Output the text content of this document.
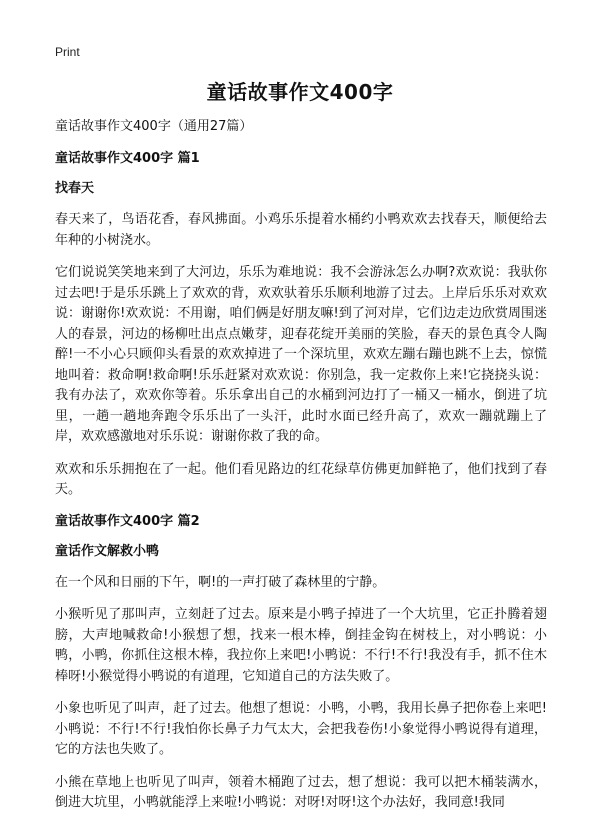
Print
童话故事作文400字
童话故事作文400字（通用27篇）
童话故事作文400字 篇1
找春天

春天来了，鸟语花香，春风拂面。小鸡乐乐提着水桶约小鸭欢欢去找春天，顺便给去年种的小树浇水。

它们说说笑笑地来到了大河边，乐乐为难地说：我不会游泳怎么办啊?欢欢说：我驮你过去吧!于是乐乐跳上了欢欢的背，欢欢驮着乐乐顺利地游了过去。上岸后乐乐对欢欢说：谢谢你!欢欢说：不用谢，咱们俩是好朋友嘛!到了河对岸，它们边走边欣赏周围迷人的春景，河边的杨柳吐出点点嫩芽，迎春花绽开美丽的笑脸，春天的景色真令人陶醉!一不小心只顾仰头看景的欢欢掉进了一个深坑里，欢欢左蹦右蹦也跳不上去，惊慌地叫着：救命啊!救命啊!乐乐赶紧对欢欢说：你别急，我一定救你上来!它挠挠头说：我有办法了，欢欢你等着。乐乐拿出自己的水桶到河边打了一桶又一桶水，倒进了坑里，一趟一趟地奔跑令乐乐出了一头汗，此时水面已经升高了，欢欢一蹦就蹦上了岸，欢欢感激地对乐乐说：谢谢你救了我的命。

欢欢和乐乐拥抱在了一起。他们看见路边的红花绿草仿佛更加鲜艳了，他们找到了春天。

童话故事作文400字 篇2
童话作文解救小鸭

在一个风和日丽的下午，啊!的一声打破了森林里的宁静。

小猴听见了那叫声，立刻赶了过去。原来是小鸭子掉进了一个大坑里，它正扑腾着翅膀，大声地喊救命!小猴想了想，找来一根木棒，倒挂金钩在树枝上，对小鸭说：小鸭，小鸭，你抓住这根木棒，我拉你上来吧!小鸭说：不行!不行!我没有手，抓不住木棒呀!小猴觉得小鸭说的有道理，它知道自己的方法失败了。

小象也听见了叫声，赶了过去。他想了想说：小鸭，小鸭，我用长鼻子把你卷上来吧!小鸭说：不行!不行!我怕你长鼻子力气太大，会把我卷伤!小象觉得小鸭说得有道理，它的方法也失败了。

小熊在草地上也听见了叫声，领着木桶跑了过去，想了想说：我可以把木桶装满水，倒进大坑里，小鸭就能浮上来啦!小鸭说：对呀!对呀!这个办法好，我同意!我同
